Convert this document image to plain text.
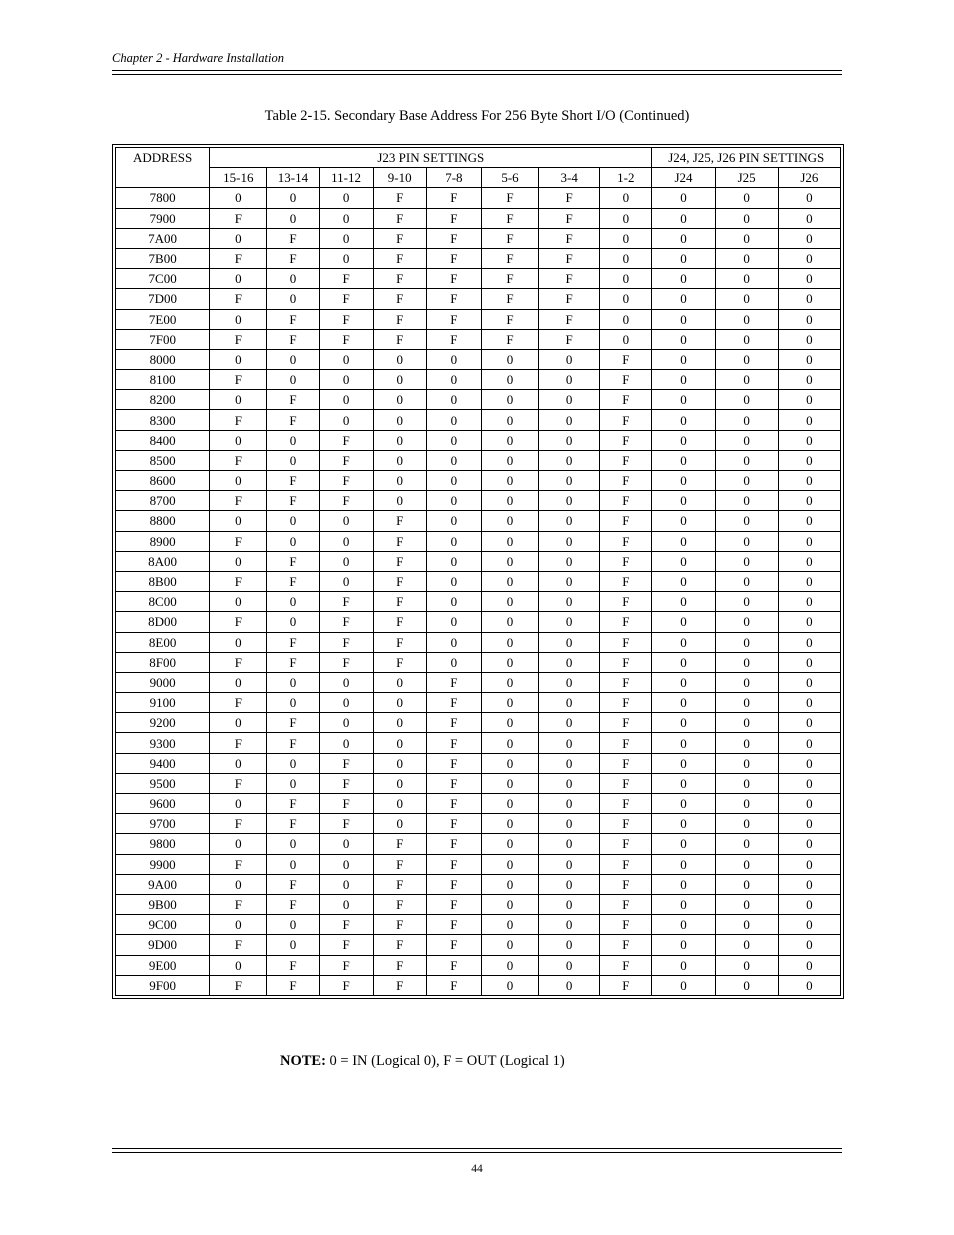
Chapter 2 - Hardware Installation
Table 2-15. Secondary Base Address For 256 Byte Short I/O (Continued)
ADDRESS	J23 PIN SETTINGS								J24, J25, J26 PIN SETTINGS		
	15-16	13-14	11-12	9-10	7-8	5-6	3-4	1-2	J24	J25	J26
7800	0	0	0	F	F	F	F	0	0	0	0
7900	F	0	0	F	F	F	F	0	0	0	0
7A00	0	F	0	F	F	F	F	0	0	0	0
7B00	F	F	0	F	F	F	F	0	0	0	0
7C00	0	0	F	F	F	F	F	0	0	0	0
7D00	F	0	F	F	F	F	F	0	0	0	0
7E00	0	F	F	F	F	F	F	0	0	0	0
7F00	F	F	F	F	F	F	F	0	0	0	0
8000	0	0	0	0	0	0	0	F	0	0	0
8100	F	0	0	0	0	0	0	F	0	0	0
8200	0	F	0	0	0	0	0	F	0	0	0
8300	F	F	0	0	0	0	0	F	0	0	0
8400	0	0	F	0	0	0	0	F	0	0	0
8500	F	0	F	0	0	0	0	F	0	0	0
8600	0	F	F	0	0	0	0	F	0	0	0
8700	F	F	F	0	0	0	0	F	0	0	0
8800	0	0	0	F	0	0	0	F	0	0	0
8900	F	0	0	F	0	0	0	F	0	0	0
8A00	0	F	0	F	0	0	0	F	0	0	0
8B00	F	F	0	F	0	0	0	F	0	0	0
8C00	0	0	F	F	0	0	0	F	0	0	0
8D00	F	0	F	F	0	0	0	F	0	0	0
8E00	0	F	F	F	0	0	0	F	0	0	0
8F00	F	F	F	F	0	0	0	F	0	0	0
9000	0	0	0	0	F	0	0	F	0	0	0
9100	F	0	0	0	F	0	0	F	0	0	0
9200	0	F	0	0	F	0	0	F	0	0	0
9300	F	F	0	0	F	0	0	F	0	0	0
9400	0	0	F	0	F	0	0	F	0	0	0
9500	F	0	F	0	F	0	0	F	0	0	0
9600	0	F	F	0	F	0	0	F	0	0	0
9700	F	F	F	0	F	0	0	F	0	0	0
9800	0	0	0	F	F	0	0	F	0	0	0
9900	F	0	0	F	F	0	0	F	0	0	0
9A00	0	F	0	F	F	0	0	F	0	0	0
9B00	F	F	0	F	F	0	0	F	0	0	0
9C00	0	0	F	F	F	0	0	F	0	0	0
9D00	F	0	F	F	F	0	0	F	0	0	0
9E00	0	F	F	F	F	0	0	F	0	0	0
9F00	F	F	F	F	F	0	0	F	0	0	0
NOTE: 0 = IN (Logical 0), F = OUT (Logical 1)
44
